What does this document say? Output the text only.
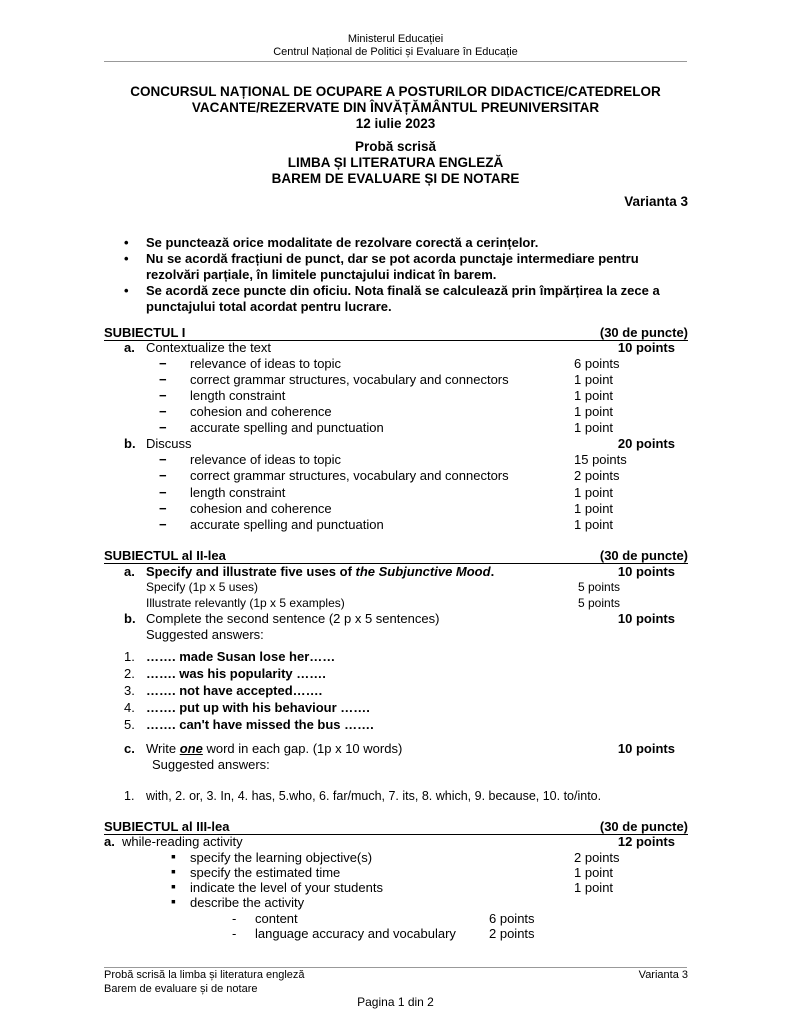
Ministerul Educației
Centrul Național de Politici și Evaluare în Educație
CONCURSUL NAȚIONAL DE OCUPARE A POSTURILOR DIDACTICE/CATEDRELOR
VACANTE/REZERVATE DIN ÎNVĂȚĂMÂNTUL PREUNIVERSITAR
12 iulie 2023
Probă scrisă
LIMBA ȘI LITERATURA ENGLEZĂ
BAREM DE EVALUARE ȘI DE NOTARE
Varianta 3
• Se punctează orice modalitate de rezolvare corectă a cerințelor.
• Nu se acordă fracțiuni de punct, dar se pot acorda punctaje intermediare pentru
rezolvări parțiale, în limitele punctajului indicat în barem.
• Se acordă zece puncte din oficiu. Nota finală se calculează prin împărțirea la zece a
punctajului total acordat pentru lucrare.
SUBIECTUL I	(30 de puncte)
a. Contextualize the text	10 points
− relevance of ideas to topic	6 points
− correct grammar structures, vocabulary and connectors	1 point
− length constraint	1 point
− cohesion and coherence	1 point
− accurate spelling and punctuation	1 point
b. Discuss	20 points
− relevance of ideas to topic	15 points
− correct grammar structures, vocabulary and connectors	2 points
− length constraint	1 point
− cohesion and coherence	1 point
− accurate spelling and punctuation	1 point
SUBIECTUL al II-lea	(30 de puncte)
a. Specify and illustrate five uses of the Subjunctive Mood.	10 points
Specify (1p x 5 uses)	5 points
Illustrate relevantly (1p x 5 examples)	5 points
b. Complete the second sentence (2 p x 5 sentences)	10 points
Suggested answers:
1. ……. made Susan lose her……
2. ……. was his popularity …….
3. ……. not have accepted…….
4. ……. put up with his behaviour …….
5. ……. can't have missed the bus …….
c. Write one word in each gap. (1p x 10 words)	10 points
Suggested answers:
1. with, 2. or, 3. In, 4. has, 5.who, 6. far/much, 7. its, 8. which, 9. because, 10. to/into.
SUBIECTUL al III-lea	(30 de puncte)
a. while-reading activity	12 points
▪ specify the learning objective(s)	2 points
▪ specify the estimated time	1 point
▪ indicate the level of your students	1 point
▪ describe the activity
- content	6 points
- language accuracy and vocabulary	2 points
Probă scrisă la limba și literatura engleză
Barem de evaluare și de notare
Varianta 3
Pagina 1 din 2
